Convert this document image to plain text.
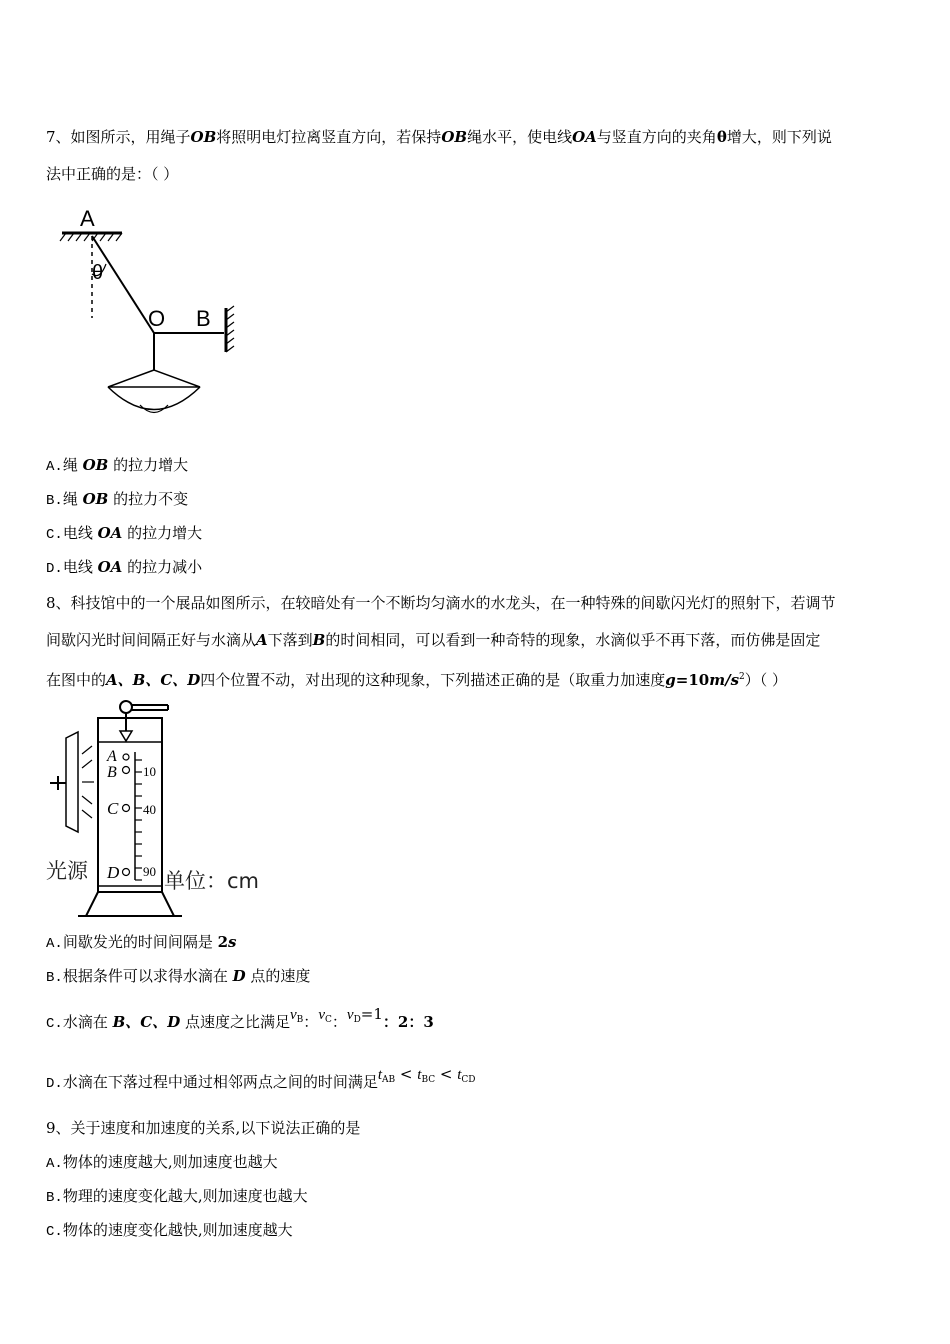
7、如图所示，用绳子OB将照明电灯拉离竖直方向，若保持OB绳水平，使电线OA与竖直方向的夹角θ增大，则下列说
法中正确的是：（ ）
A
θ
O B
A.绳 OB 的拉力增大
B.绳 OB 的拉力不变
C.电线 OA 的拉力增大
D.电线 OA 的拉力减小
8、科技馆中的一个展品如图所示，在较暗处有一个不断均匀滴水的水龙头，在一种特殊的间歇闪光灯的照射下，若调节
间歇闪光时间间隔正好与水滴从A下落到B的时间相同，可以看到一种奇特的现象，水滴似乎不再下落，而仿佛是固定
在图中的A、B、C、D四个位置不动，对出现的这种现象，下列描述正确的是（取重力加速度$g=10m/s^2$）（ ）
A
B 10
C 40
D 90
光源	单位：cm
A.间歇发光的时间间隔是 2s
B.根据条件可以求得水滴在 D 点的速度
C.水滴在 B、C、D 点速度之比满足$v_B$：$v_C$：$v_D=1$：2：3
D.水滴在下落过程中通过相邻两点之间的时间满足$t_{AB} < t_{BC} < t_{CD}$
9、关于速度和加速度的关系,以下说法正确的是
A.物体的速度越大,则加速度也越大
B.物理的速度变化越大,则加速度也越大
C.物体的速度变化越快,则加速度越大
